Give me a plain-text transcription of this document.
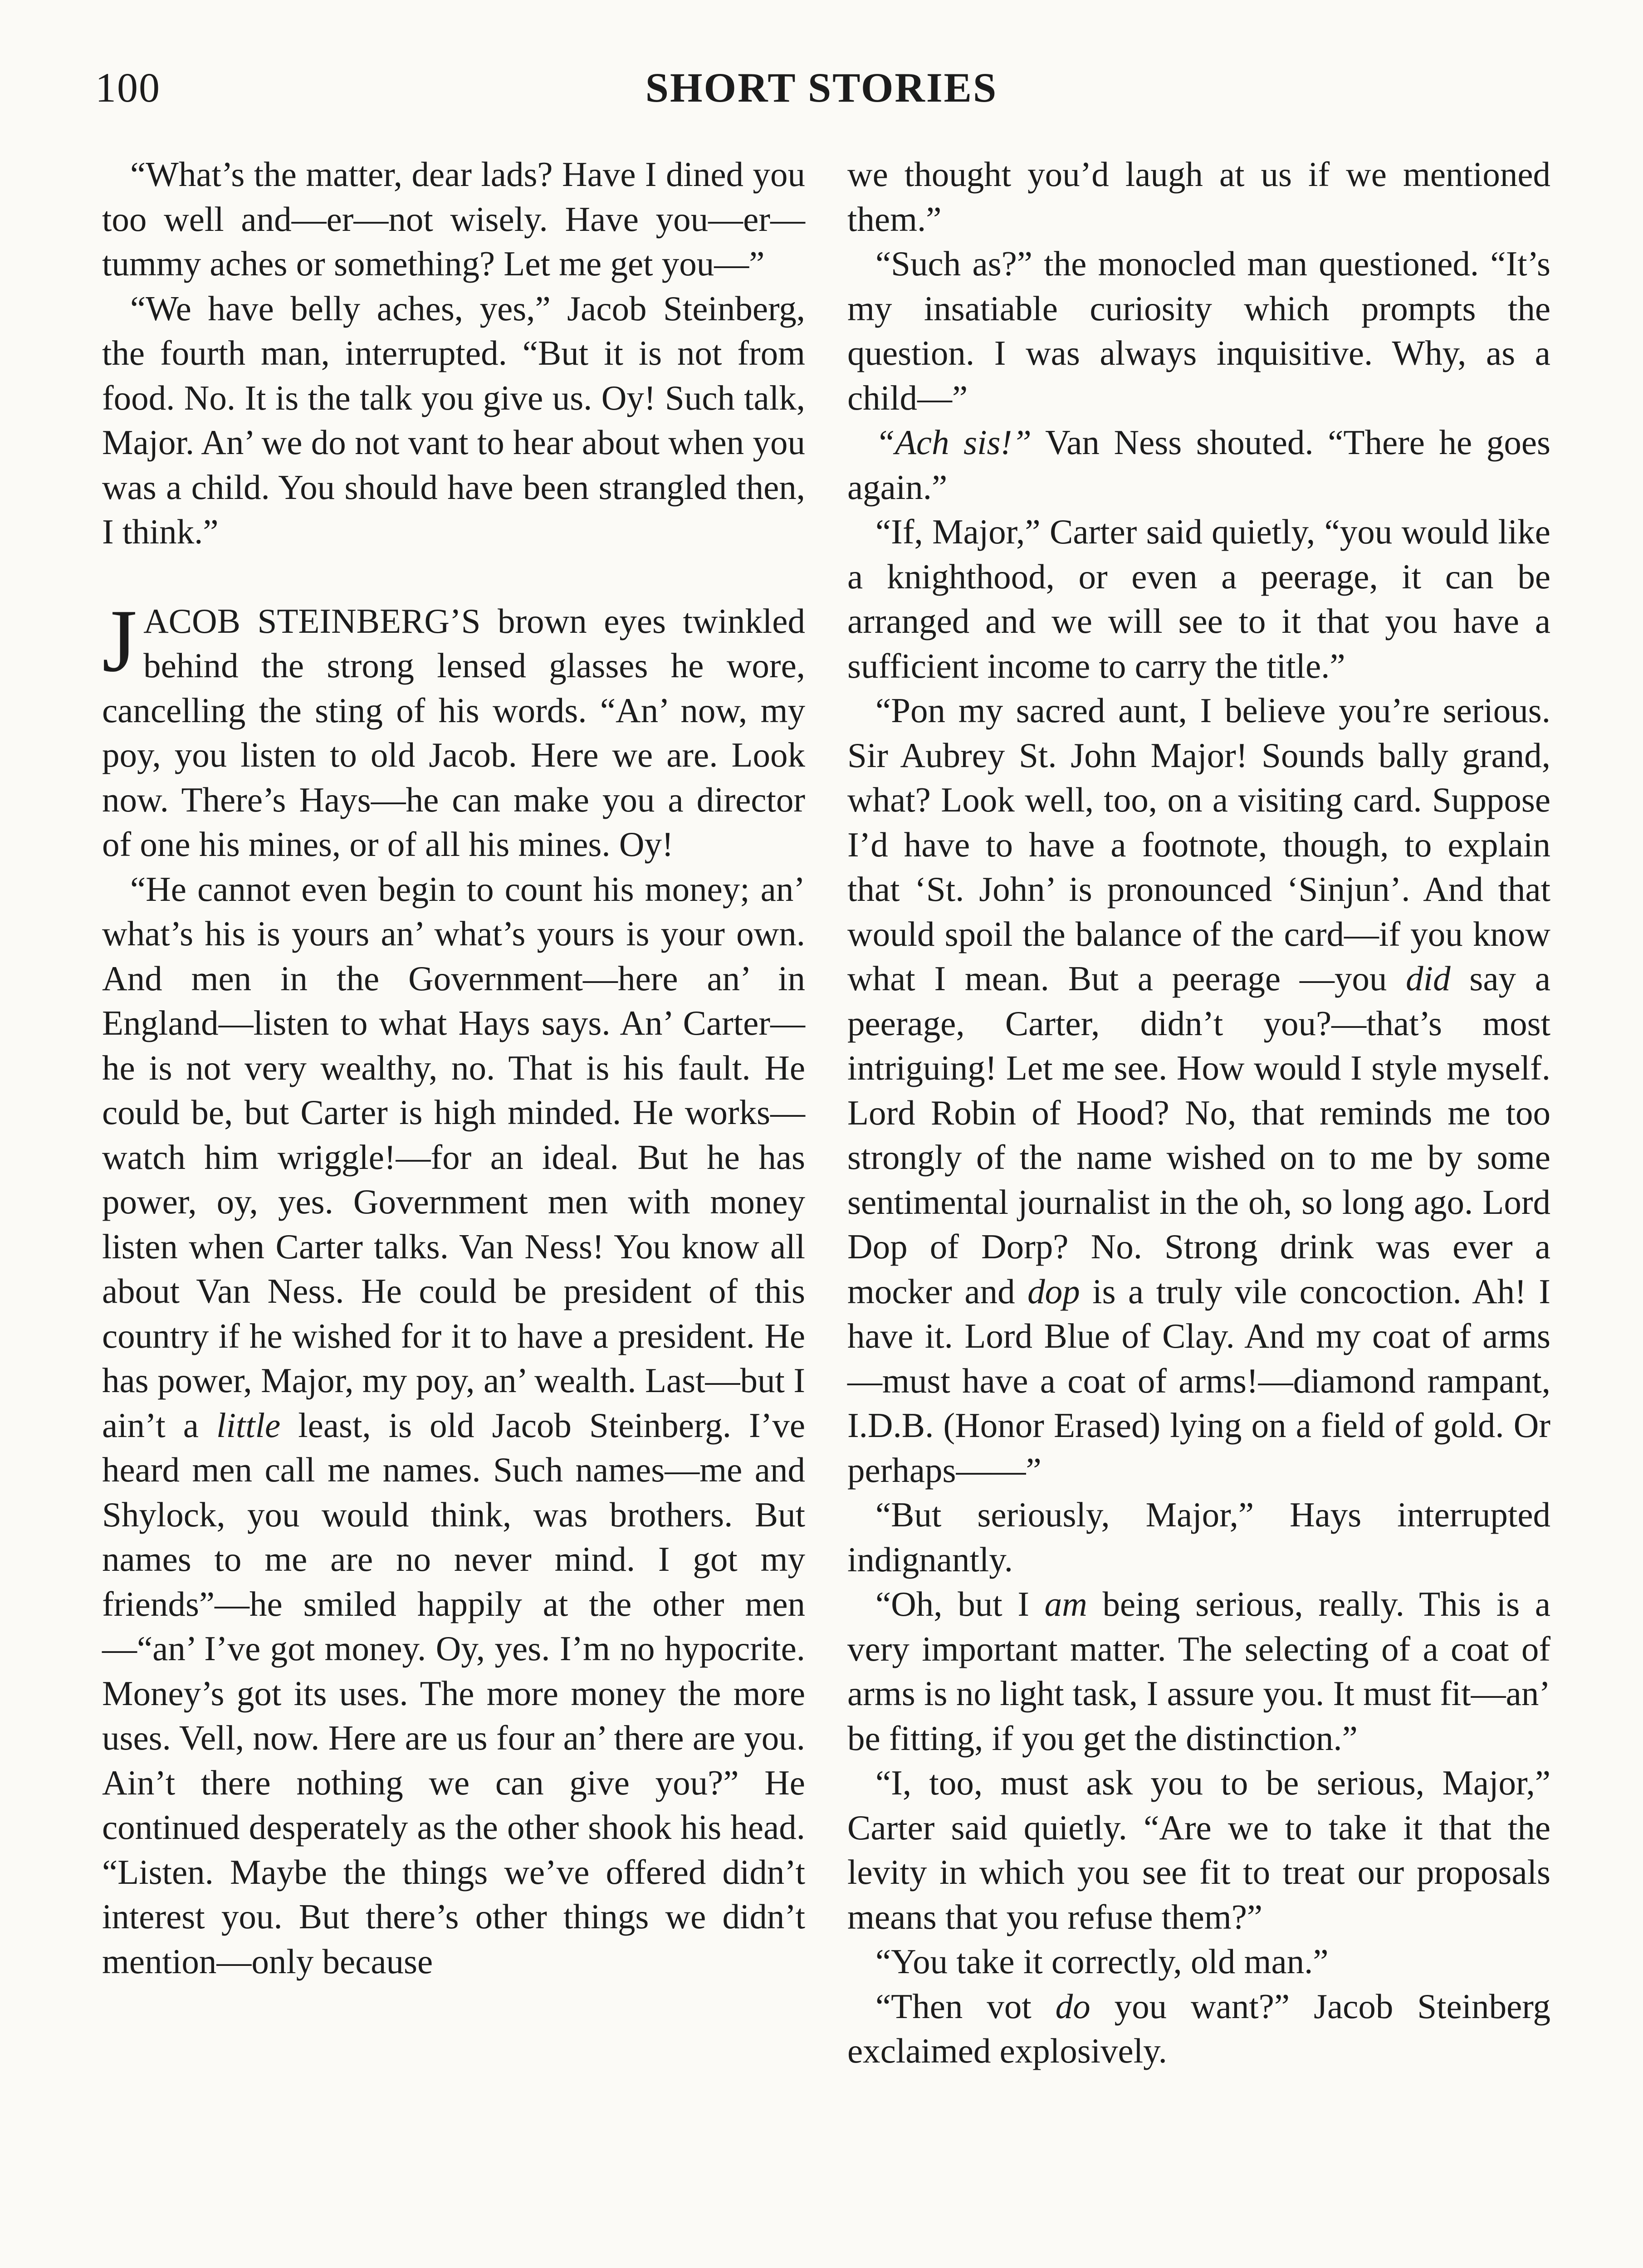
100	SHORT STORIES

“What’s the matter, dear lads? Have I dined you too well and—er—not wisely. Have you—er—tummy aches or something? Let me get you—”

“We have belly aches, yes,” Jacob Steinberg, the fourth man, interrupted. “But it is not from food. No. It is the talk you give us. Oy! Such talk, Major. An’ we do not vant to hear about when you was a child. You should have been strangled then, I think.”

JACOB STEINBERG’S brown eyes twinkled behind the strong lensed glasses he wore, cancelling the sting of his words. “An’ now, my poy, you listen to old Jacob. Here we are. Look now. There’s Hays—he can make you a director of one his mines, or of all his mines. Oy!

“He cannot even begin to count his money; an’ what’s his is yours an’ what’s yours is your own. And men in the Government—here an’ in England—listen to what Hays says. An’ Carter—he is not very wealthy, no. That is his fault. He could be, but Carter is high minded. He works—watch him wriggle!—for an ideal. But he has power, oy, yes. Government men with money listen when Carter talks. Van Ness! You know all about Van Ness. He could be president of this country if he wished for it to have a president. He has power, Major, my poy, an’ wealth. Last—but I ain’t a little least, is old Jacob Steinberg. I’ve heard men call me names. Such names—me and Shylock, you would think, was brothers. But names to me are no never mind. I got my friends”—he smiled happily at the other men—“an’ I’ve got money. Oy, yes. I’m no hypocrite. Money’s got its uses. The more money the more uses. Vell, now. Here are us four an’ there are you. Ain’t there nothing we can give you?” He continued desperately as the other shook his head. “Listen. Maybe the things we’ve offered didn’t interest you. But there’s other things we didn’t mention—only because

we thought you’d laugh at us if we mentioned them.”

“Such as?” the monocled man questioned. “It’s my insatiable curiosity which prompts the question. I was always inquisitive. Why, as a child—”

“Ach sis!” Van Ness shouted. “There he goes again.”

“If, Major,” Carter said quietly, “you would like a knighthood, or even a peerage, it can be arranged and we will see to it that you have a sufficient income to carry the title.”

“Pon my sacred aunt, I believe you’re serious. Sir Aubrey St. John Major! Sounds bally grand, what? Look well, too, on a visiting card. Suppose I’d have to have a footnote, though, to explain that ‘St. John’ is pronounced ‘Sinjun’. And that would spoil the balance of the card—if you know what I mean. But a peerage —you did say a peerage, Carter, didn’t you?—that’s most intriguing! Let me see. How would I style myself. Lord Robin of Hood? No, that reminds me too strongly of the name wished on to me by some sentimental journalist in the oh, so long ago. Lord Dop of Dorp? No. Strong drink was ever a mocker and dop is a truly vile concoction. Ah! I have it. Lord Blue of Clay. And my coat of arms —must have a coat of arms!—diamond rampant, I.D.B. (Honor Erased) lying on a field of gold. Or perhaps——”

“But seriously, Major,” Hays interrupted indignantly.

“Oh, but I am being serious, really. This is a very important matter. The selecting of a coat of arms is no light task, I assure you. It must fit—an’ be fitting, if you get the distinction.”

“I, too, must ask you to be serious, Major,” Carter said quietly. “Are we to take it that the levity in which you see fit to treat our proposals means that you refuse them?”

“You take it correctly, old man.”

“Then vot do you want?” Jacob Steinberg exclaimed explosively.
